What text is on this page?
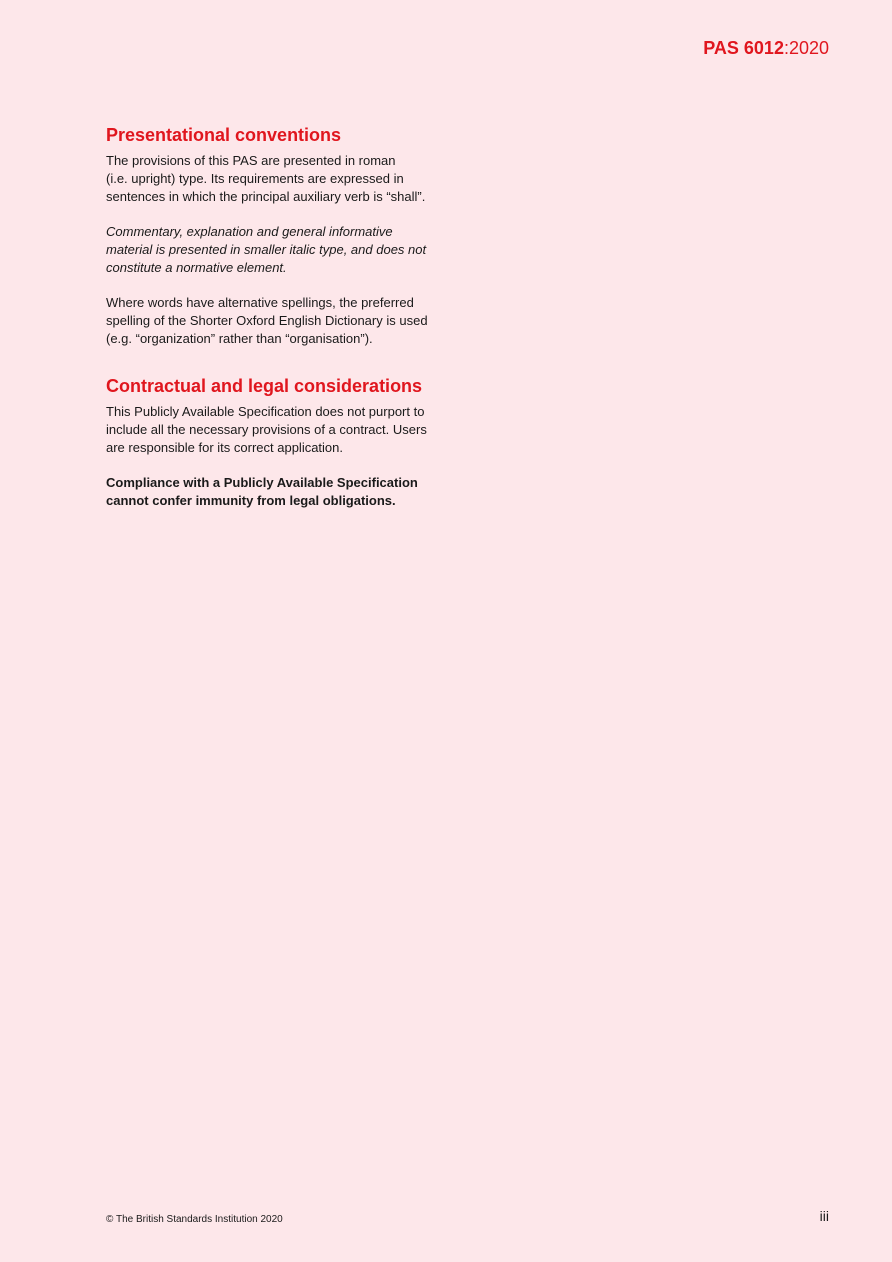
PAS 6012:2020
Presentational conventions

The provisions of this PAS are presented in roman
(i.e. upright) type. Its requirements are expressed in
sentences in which the principal auxiliary verb is “shall”.

Commentary, explanation and general informative
material is presented in smaller italic type, and does not
constitute a normative element.

Where words have alternative spellings, the preferred
spelling of the Shorter Oxford English Dictionary is used
(e.g. “organization” rather than “organisation”).

Contractual and legal considerations

This Publicly Available Specification does not purport to
include all the necessary provisions of a contract. Users
are responsible for its correct application.

Compliance with a Publicly Available Specification
cannot confer immunity from legal obligations.

© The British Standards Institution 2020	iii
